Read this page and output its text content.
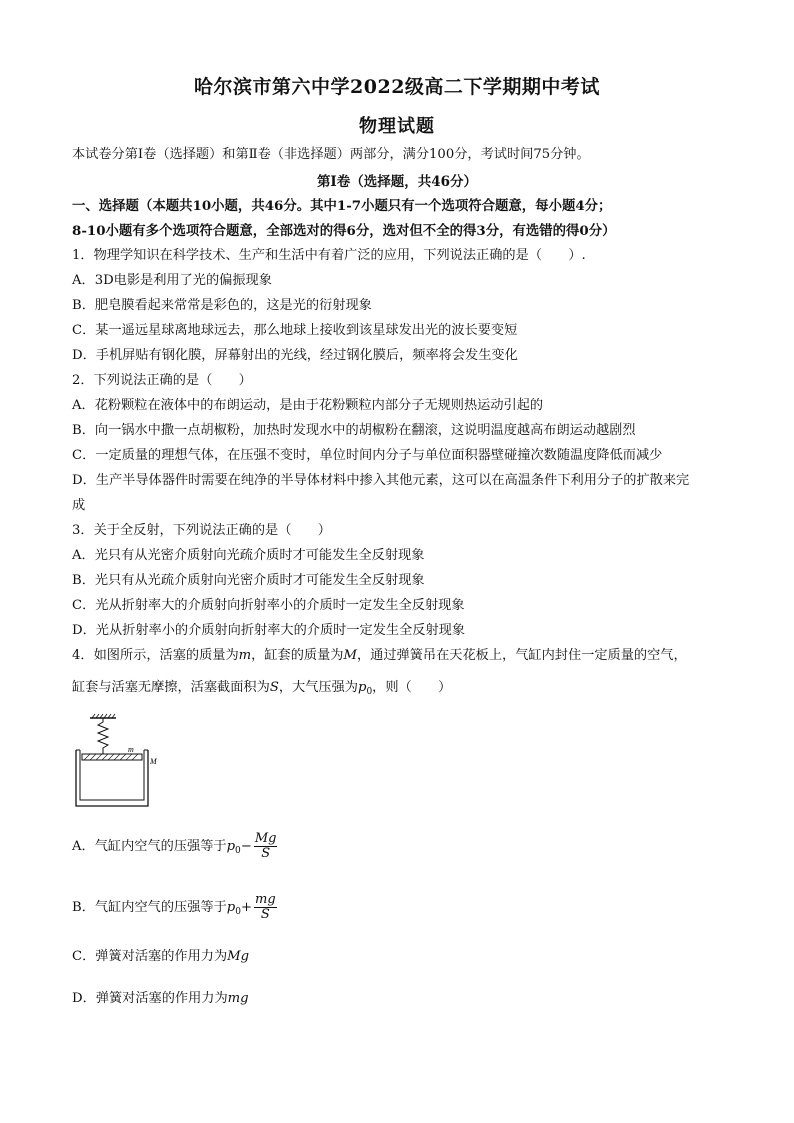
哈尔滨市第六中学2022级高二下学期期中考试
物理试题
本试卷分第Ⅰ卷（选择题）和第Ⅱ卷（非选择题）两部分，满分100分，考试时间75分钟。
第Ⅰ卷（选择题，共46分）
一、选择题（本题共10小题，共46分。其中1-7小题只有一个选项符合题意，每小题4分；
8-10小题有多个选项符合题意，全部选对的得6分，选对但不全的得3分，有选错的得0分）
1．物理学知识在科学技术、生产和生活中有着广泛的应用，下列说法正确的是（　　）.
A．3D电影是利用了光的偏振现象
B．肥皂膜看起来常常是彩色的，这是光的衍射现象
C．某一遥远星球离地球远去，那么地球上接收到该星球发出光的波长要变短
D．手机屏贴有钢化膜，屏幕射出的光线，经过钢化膜后，频率将会发生变化
2．下列说法正确的是（　　）
A．花粉颗粒在液体中的布朗运动，是由于花粉颗粒内部分子无规则热运动引起的
B．向一锅水中撒一点胡椒粉，加热时发现水中的胡椒粉在翻滚，这说明温度越高布朗运动越剧烈
C．一定质量的理想气体，在压强不变时，单位时间内分子与单位面积器壁碰撞次数随温度降低而减少
D．生产半导体器件时需要在纯净的半导体材料中掺入其他元素，这可以在高温条件下利用分子的扩散来完
成
3．关于全反射，下列说法正确的是（　　）
A．光只有从光密介质射向光疏介质时才可能发生全反射现象
B．光只有从光疏介质射向光密介质时才可能发生全反射现象
C．光从折射率大的介质射向折射率小的介质时一定发生全反射现象
D．光从折射率小的介质射向折射率大的介质时一定发生全反射现象
4．如图所示，活塞的质量为m，缸套的质量为M，通过弹簧吊在天花板上，气缸内封住一定质量的空气，
缸套与活塞无摩擦，活塞截面积为S，大气压强为$p_0$，则（　　）
m
M
A．气缸内空气的压强等于$p_0- \frac{Mg}{S}$
B．气缸内空气的压强等于$p_0+ \frac{mg}{S}$
C．弹簧对活塞的作用力为Mg
D．弹簧对活塞的作用力为mg
